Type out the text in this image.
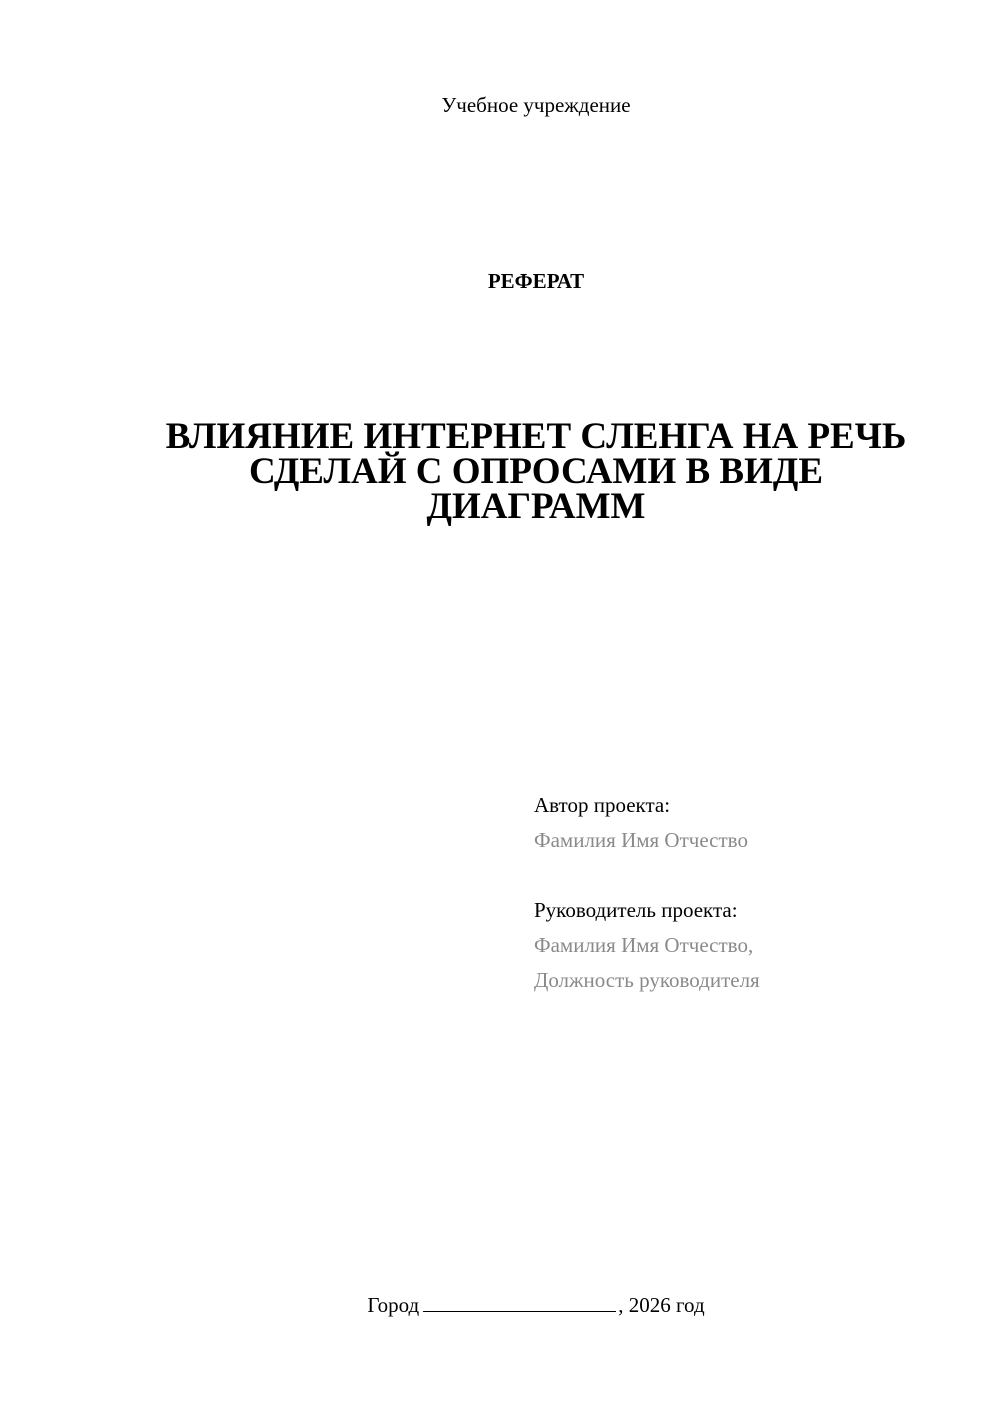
Учебное учреждение
РЕФЕРАТ
ВЛИЯНИЕ ИНТЕРНЕТ СЛЕНГА НА РЕЧЬ
СДЕЛАЙ С ОПРОСАМИ В ВИДЕ
ДИАГРАММ
Автор проекта:
Фамилия Имя Отчество
Руководитель проекта:
Фамилия Имя Отчество,
Должность руководителя
Город	, 2026 год
